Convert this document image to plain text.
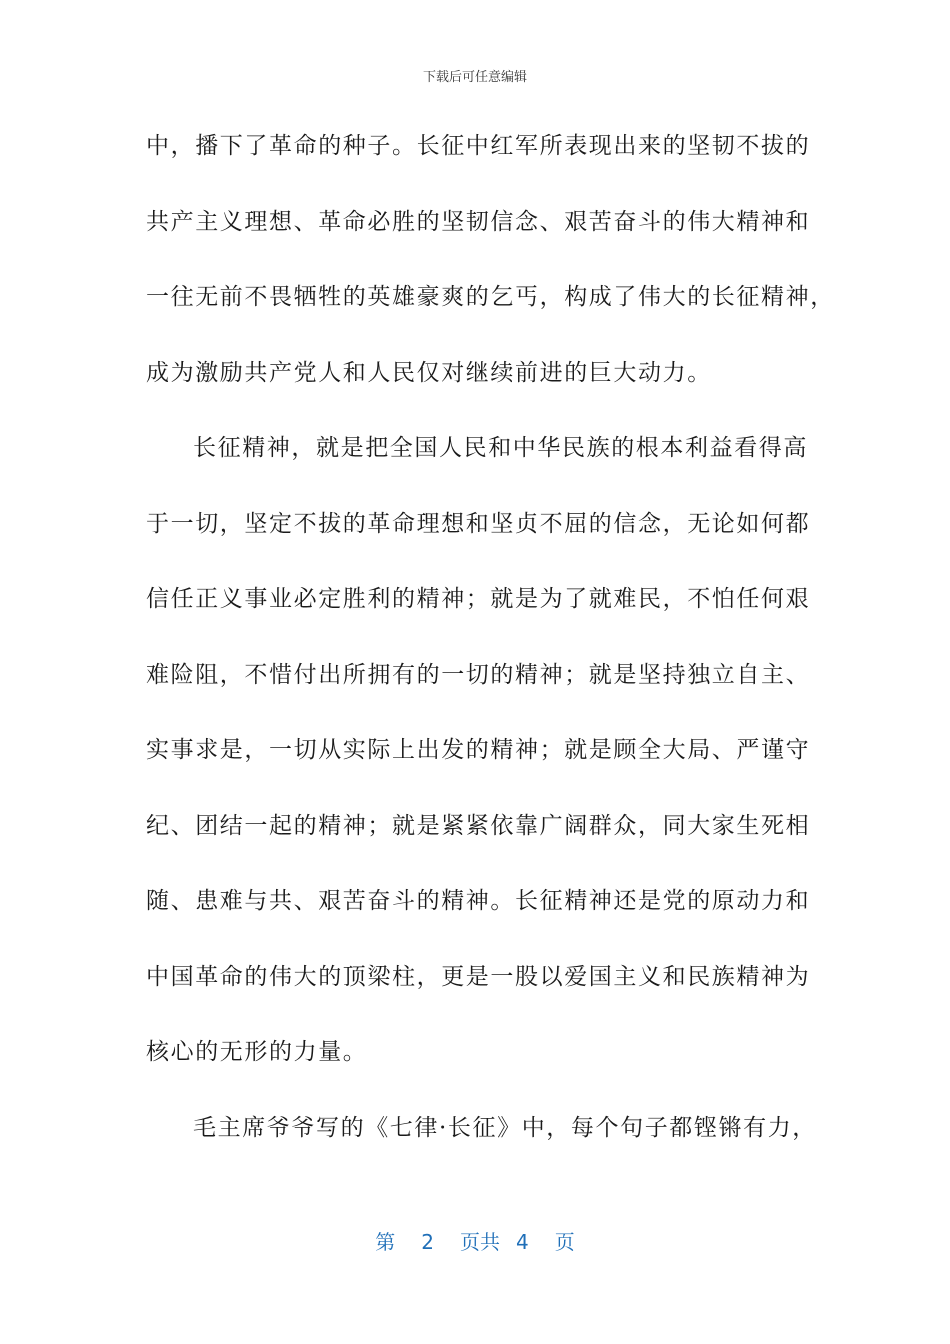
下载后可任意编辑
中，播下了革命的种子。长征中红军所表现出来的坚韧不拔的
共产主义理想、革命必胜的坚韧信念、艰苦奋斗的伟大精神和
一往无前不畏牺牲的英雄豪爽的乞丐，构成了伟大的长征精神，
成为激励共产党人和人民仅对继续前进的巨大动力。
长征精神，就是把全国人民和中华民族的根本利益看得高
于一切，坚定不拔的革命理想和坚贞不屈的信念，无论如何都
信任正义事业必定胜利的精神；就是为了就难民，不怕任何艰
难险阻，不惜付出所拥有的一切的精神；就是坚持独立自主、
实事求是，一切从实际上出发的精神；就是顾全大局、严谨守
纪、团结一起的精神；就是紧紧依靠广阔群众，同大家生死相
随、患难与共、艰苦奋斗的精神。长征精神还是党的原动力和
中国革命的伟大的顶梁柱，更是一股以爱国主义和民族精神为
核心的无形的力量。
毛主席爷爷写的《七律·长征》中，每个句子都铿锵有力，
第 2 页共 4 页
